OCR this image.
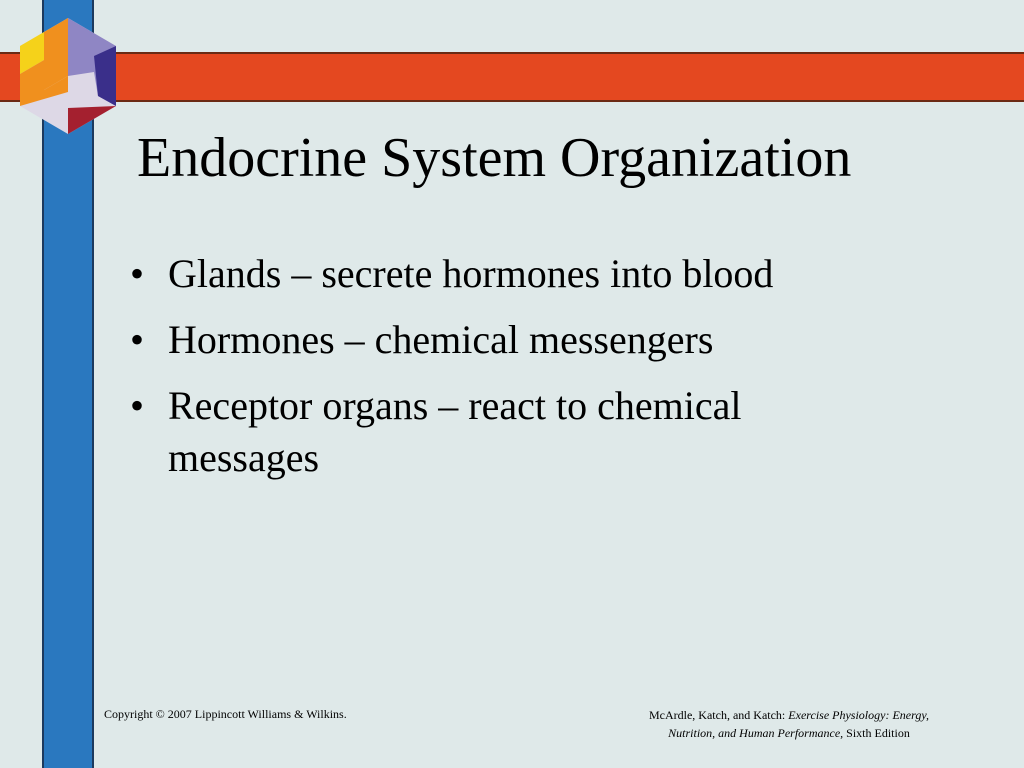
Endocrine System Organization
• Glands – secrete hormones into blood
• Hormones – chemical messengers
• Receptor organs – react to chemical messages
Copyright © 2007 Lippincott Williams & Wilkins.	McArdle, Katch, and Katch: Exercise Physiology: Energy,
Nutrition, and Human Performance, Sixth Edition
